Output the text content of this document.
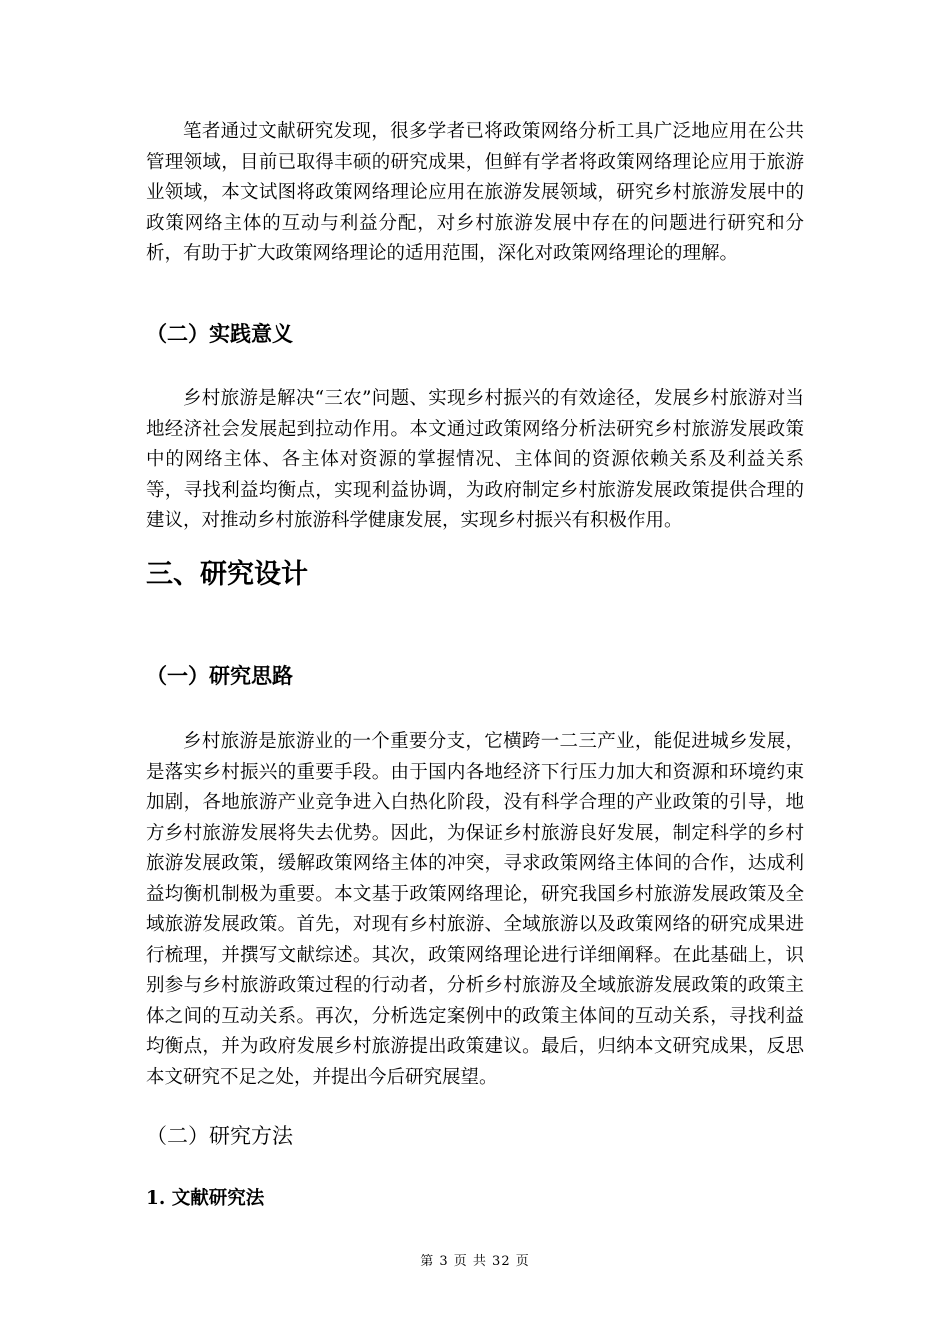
笔者通过文献研究发现，很多学者已将政策网络分析工具广泛地应用在公共管理领域，目前已取得丰硕的研究成果，但鲜有学者将政策网络理论应用于旅游业领域，本文试图将政策网络理论应用在旅游发展领域，研究乡村旅游发展中的政策网络主体的互动与利益分配，对乡村旅游发展中存在的问题进行研究和分析，有助于扩大政策网络理论的适用范围，深化对政策网络理论的理解。

（二）实践意义

乡村旅游是解决“三农”问题、实现乡村振兴的有效途径，发展乡村旅游对当地经济社会发展起到拉动作用。本文通过政策网络分析法研究乡村旅游发展政策中的网络主体、各主体对资源的掌握情况、主体间的资源依赖关系及利益关系等，寻找利益均衡点，实现利益协调，为政府制定乡村旅游发展政策提供合理的建议，对推动乡村旅游科学健康发展，实现乡村振兴有积极作用。

三、研究设计
（一）研究思路

乡村旅游是旅游业的一个重要分支，它横跨一二三产业，能促进城乡发展，是落实乡村振兴的重要手段。由于国内各地经济下行压力加大和资源和环境约束加剧，各地旅游产业竞争进入白热化阶段，没有科学合理的产业政策的引导，地方乡村旅游发展将失去优势。因此，为保证乡村旅游良好发展，制定科学的乡村旅游发展政策，缓解政策网络主体的冲突，寻求政策网络主体间的合作，达成利益均衡机制极为重要。本文基于政策网络理论，研究我国乡村旅游发展政策及全域旅游发展政策。首先，对现有乡村旅游、全域旅游以及政策网络的研究成果进行梳理，并撰写文献综述。其次，政策网络理论进行详细阐释。在此基础上，识别参与乡村旅游政策过程的行动者，分析乡村旅游及全域旅游发展政策的政策主体之间的互动关系。再次，分析选定案例中的政策主体间的互动关系，寻找利益均衡点，并为政府发展乡村旅游提出政策建议。最后，归纳本文研究成果，反思本文研究不足之处，并提出今后研究展望。

（二）研究方法
1. 文献研究法
第 3 页 共 32 页
